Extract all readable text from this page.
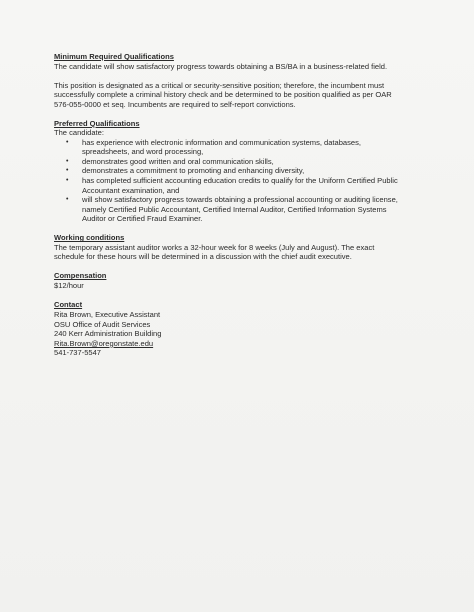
Minimum Required Qualifications
The candidate will show satisfactory progress towards obtaining a BS/BA in a business-related field.
This position is designated as a critical or security-sensitive position; therefore, the incumbent must
successfully complete a criminal history check and be determined to be position qualified as per OAR
576-055-0000 et seq. Incumbents are required to self-report convictions.
Preferred Qualifications
The candidate:
• has experience with electronic information and communication systems, databases,
spreadsheets, and word processing,
• demonstrates good written and oral communication skills,
• demonstrates a commitment to promoting and enhancing diversity,
• has completed sufficient accounting education credits to qualify for the Uniform Certified Public
Accountant examination, and
• will show satisfactory progress towards obtaining a professional accounting or auditing license,
namely Certified Public Accountant, Certified Internal Auditor, Certified Information Systems
Auditor or Certified Fraud Examiner.
Working conditions
The temporary assistant auditor works a 32-hour week for 8 weeks (July and August). The exact
schedule for these hours will be determined in a discussion with the chief audit executive.
Compensation
$12/hour
Contact
Rita Brown, Executive Assistant
OSU Office of Audit Services
240 Kerr Administration Building
Rita.Brown@oregonstate.edu
541-737-5547
